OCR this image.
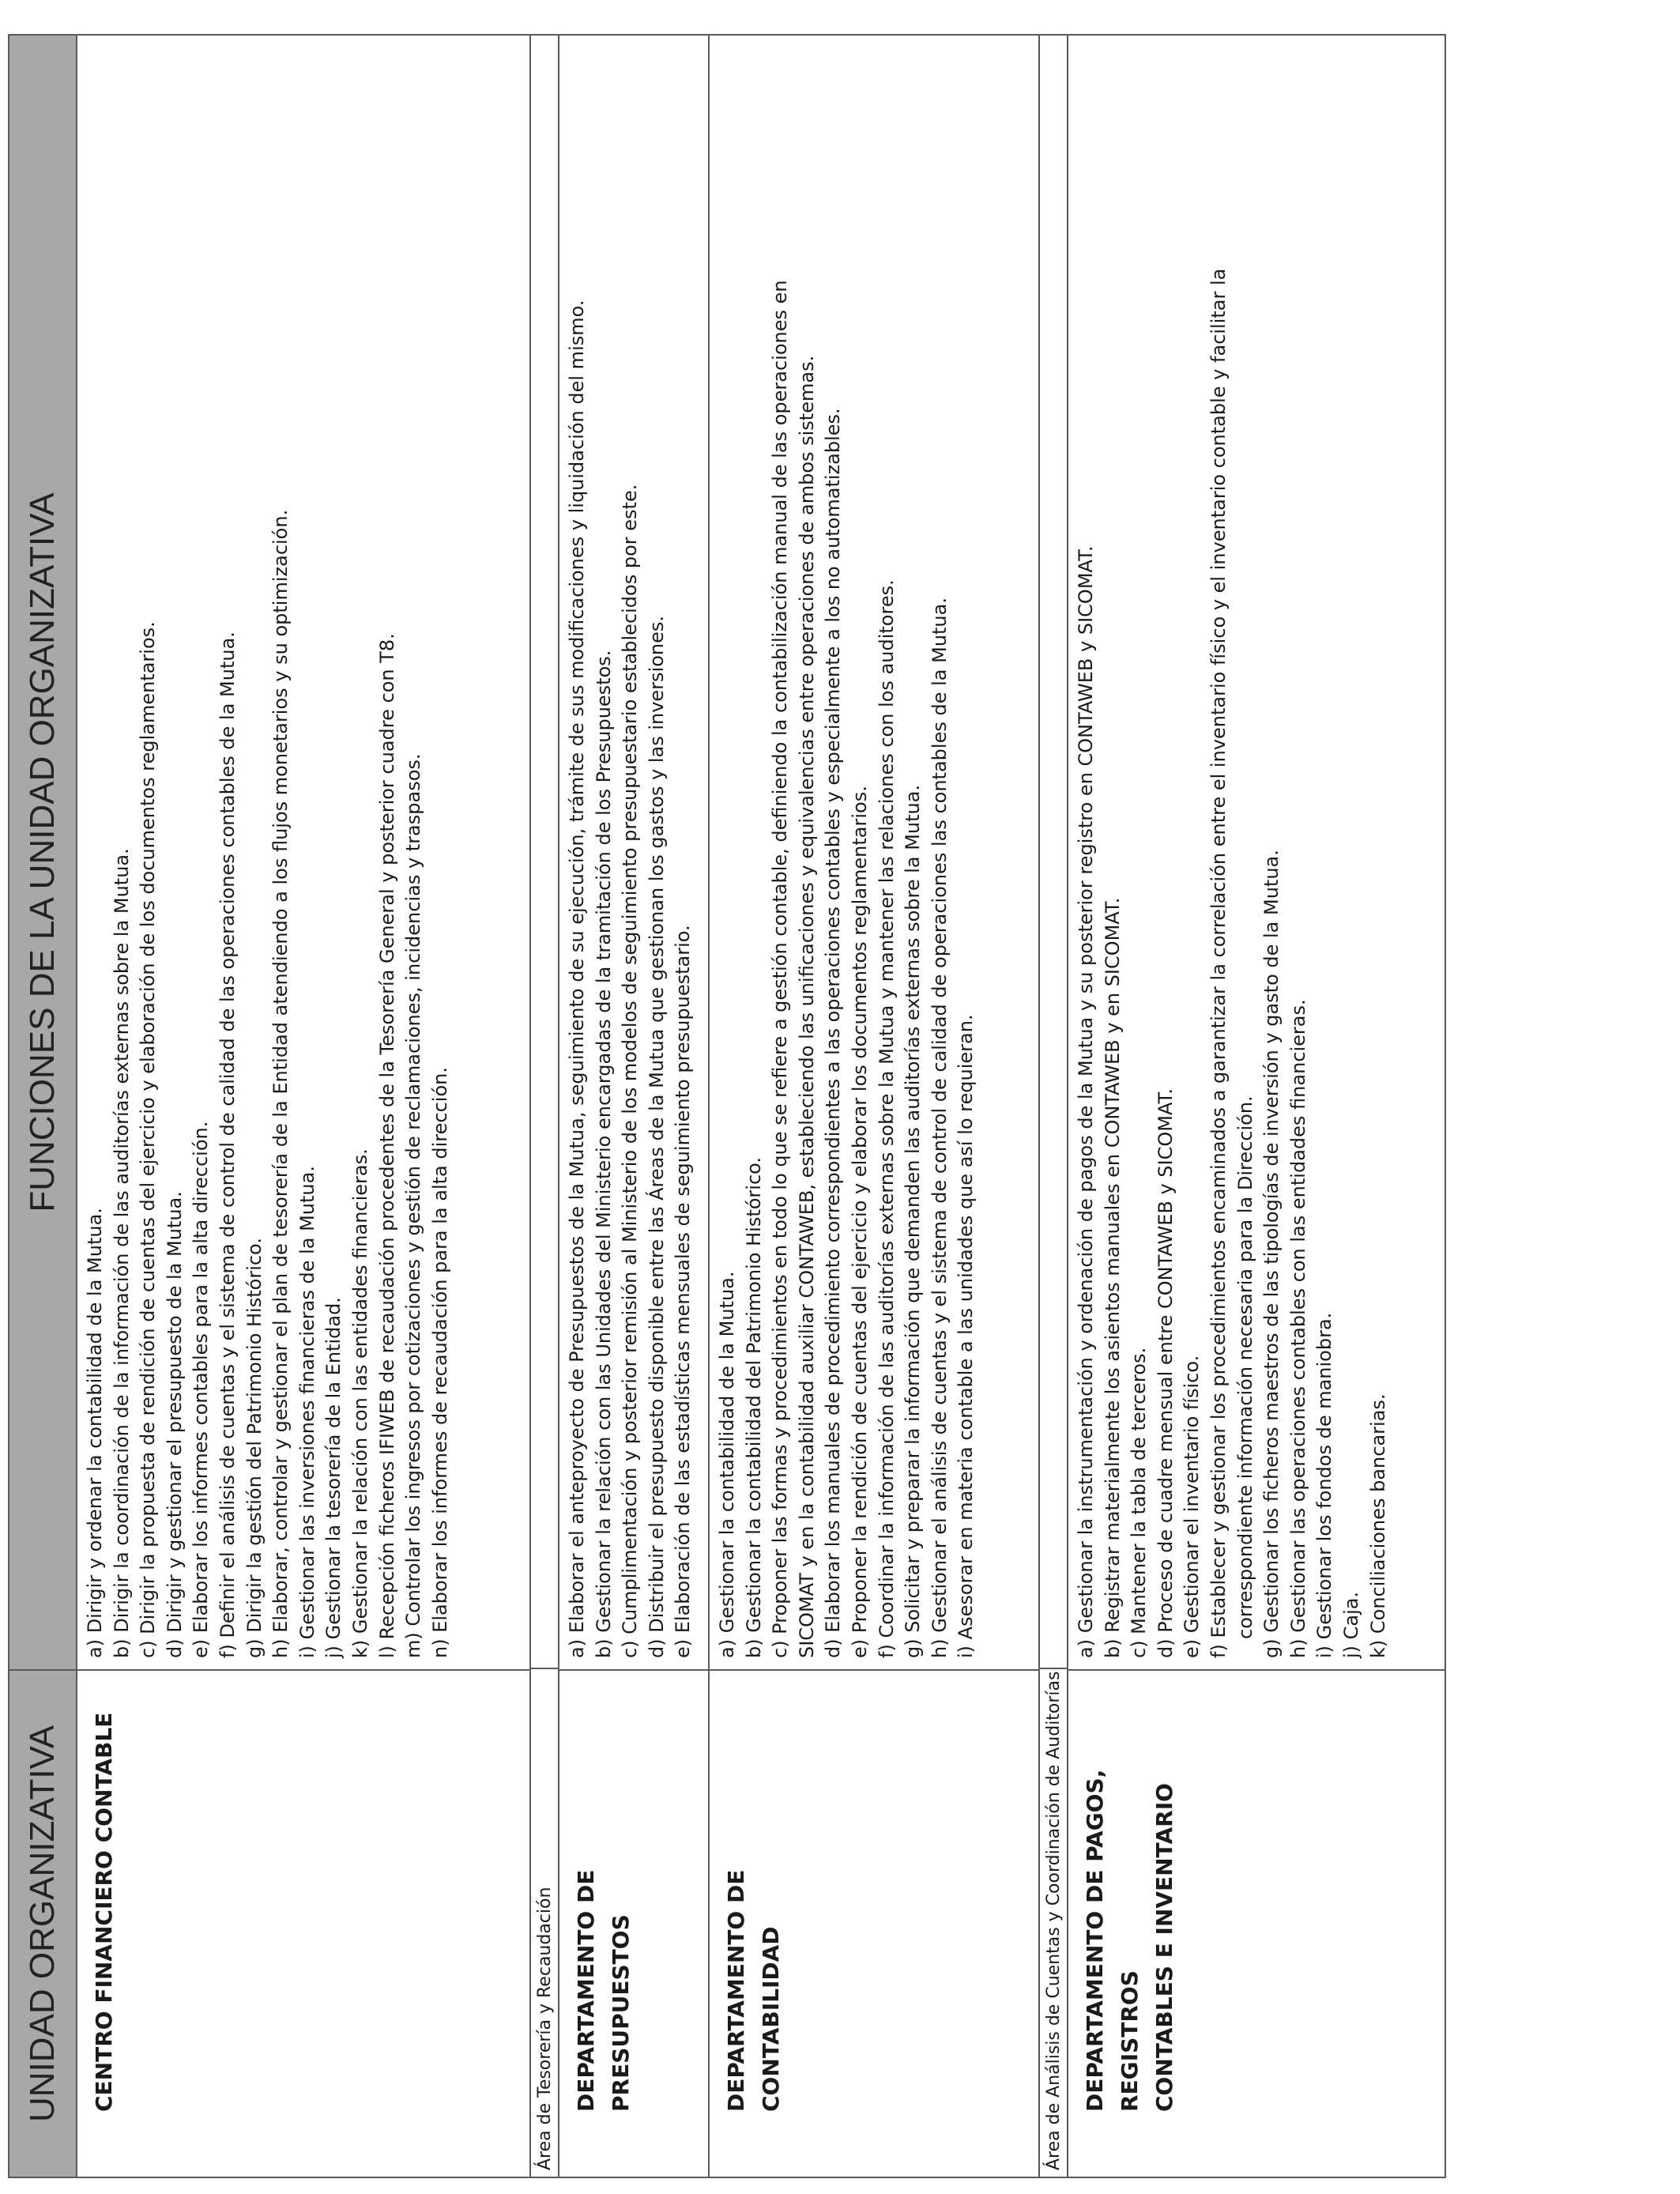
UNIDAD ORGANIZATIVA
FUNCIONES DE LA UNIDAD ORGANIZATIVA
CENTRO FINANCIERO CONTABLE
a) Dirigir y ordenar la contabilidad de la Mutua. b) Dirigir la coordinación de la información de las auditorías externas sobre la Mutua. c) Dirigir la propuesta de rendición de cuentas del ejercicio y elaboración de los documentos reglamentarios. d) Dirigir y gestionar el presupuesto de la Mutua. e) Elaborar los informes contables para la alta dirección. f) Definir el análisis de cuentas y el sistema de control de calidad de las operaciones contables de la Mutua. g) Dirigir la gestión del Patrimonio Histórico. h) Elaborar, controlar y gestionar el plan de tesorería de la Entidad atendiendo a los flujos monetarios y su optimización. i) Gestionar las inversiones financieras de la Mutua. j) Gestionar la tesorería de la Entidad. k) Gestionar la relación con las entidades financieras. l) Recepción ficheros IFIWEB de recaudación procedentes de la Tesorería General y posterior cuadre con T8. m) Controlar los ingresos por cotizaciones y gestión de reclamaciones, incidencias y traspasos. n) Elaborar los informes de recaudación para la alta dirección.
Área de Tesorería y Recaudación DEPARTAMENTO DE PRESUPUESTOS
a) Elaborar el anteproyecto de Presupuestos de la Mutua, seguimiento de su ejecución, trámite de sus modificaciones y liquidación del mismo. b) Gestionar la relación con las Unidades del Ministerio encargadas de la tramitación de los Presupuestos. c) Cumplimentación y posterior remisión al Ministerio de los modelos de seguimiento presupuestario establecidos por este. d) Distribuir el presupuesto disponible entre las Áreas de la Mutua que gestionan los gastos y las inversiones. e) Elaboración de las estadísticas mensuales de seguimiento presupuestario.
DEPARTAMENTO DE CONTABILIDAD
a) Gestionar la contabilidad de la Mutua. b) Gestionar la contabilidad del Patrimonio Histórico. c) Proponer las formas y procedimientos en todo lo que se refiere a gestión contable, definiendo la contabilización manual de las operaciones en SICOMAT y en la contabilidad auxiliar CONTAWEB, estableciendo las unificaciones y equivalencias entre operaciones de ambos sistemas. d) Elaborar los manuales de procedimiento correspondientes a las operaciones contables y especialmente a los no automatizables. e) Proponer la rendición de cuentas del ejercicio y elaborar los documentos reglamentarios. f) Coordinar la información de las auditorías externas sobre la Mutua y mantener las relaciones con los auditores. g) Solicitar y preparar la información que demanden las auditorías externas sobre la Mutua. h) Gestionar el análisis de cuentas y el sistema de control de calidad de operaciones las contables de la Mutua. i) Asesorar en materia contable a las unidades que así lo requieran.
Área de Análisis de Cuentas y Coordinación de Auditorías DEPARTAMENTO DE PAGOS, REGISTROS CONTABLES E INVENTARIO
a) Gestionar la instrumentación y ordenación de pagos de la Mutua y su posterior registro en CONTAWEB y SICOMAT. b) Registrar materialmente los asientos manuales en CONTAWEB y en SICOMAT. c) Mantener la tabla de terceros. d) Proceso de cuadre mensual entre CONTAWEB y SICOMAT. e) Gestionar el inventario físico. f) Establecer y gestionar los procedimientos encaminados a garantizar la correlación entre el inventario físico y el inventario contable y facilitar la correspondiente información necesaria para la Dirección. g) Gestionar los ficheros maestros de las tipologías de inversión y gasto de la Mutua. h) Gestionar las operaciones contables con las entidades financieras. i) Gestionar los fondos de maniobra. j) Caja. k) Conciliaciones bancarias.
